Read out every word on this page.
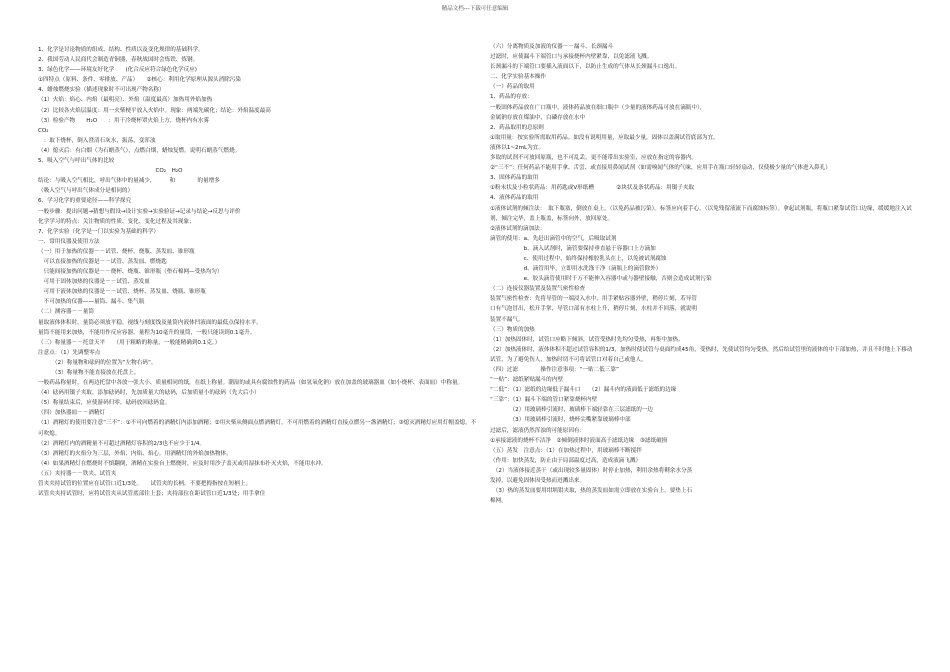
精品文档---下载可任意编辑
1、化学是讨论物质的组成、结构、性质以及变化规律的基础科学。
2、我国劳动人民商代会制造青铜器，春秋战国时会炼铁、炼钢。
3、绿色化学——环境友好化学　　(化合反应符合绿色化学反应)
①四特点（原料、条件、零排放、产品）　　②核心：利用化学原理从源头消除污染
4、蜡烛燃烧实验（描述现象时不可出现产物名称）
（1）火焰：焰心、内焰（最明亮）、外焰（温度最高）加热用外焰加热
（2）比较各火焰层温度：用一火柴梗平放入火焰中。现象：两端先碳化；结论：外焰温度最高
（3）检验产物　　H₂O　　：用干冷烧杯罩火焰上方，烧杯内有水雾
CO₂
　：取下烧杯，倒入澄清石灰水，振荡，变浑浊
（4）熄灭后：有白烟（为石蜡蒸气），点燃白烟，蜡烛复燃。说明石蜡蒸气燃烧。
5、吸入空气与呼出气体的比较
　　　　　　　　　　　　　　　　　　　　　CO₂　H₂O
结论：与吸入空气相比，呼出气体中的量减少，　　　和　　　　的量增多
（吸入空气与呼出气体成分是相同的）
6、学习化学的重要途径——科学探究
一般步骤：提出问题→猜想与假设→设计实验→实验验证→记录与结论→反思与评价
化学学习的特点：关注物质的性质、变化、变化过程及其现象；
7、化学实验（化学是一门以实验为基础的科学）
一、常用仪器及使用方法
（一）用于加热的仪器－－试管、烧杯、烧瓶、蒸发皿、锥形瓶
　可以直接加热的仪器是－－试管、蒸发皿、燃烧匙
　只能间接加热的仪器是－－烧杯、烧瓶、锥形瓶（垫石棉网—受热均匀）
　可用于固体加热的仪器是－－试管、蒸发皿
　可用于液体加热的仪器是－－试管、烧杯、蒸发皿、烧瓶、锥形瓶
　不可加热的仪器——量筒、漏斗、集气瓶
（二）测容器－－量筒
量取液体体积时，量筒必须放平稳。视线与刻度线及量筒内液体凹液面的最低点保持水平。
量筒不能用来加热，不能用作反应容器。量程为10毫升的量筒，一般只能读到0.1毫升。
（三）称量器－－托盘天平　　（用于粗略的称量，一般能精确到0.1克。）
注意点：（1）先调整零点
　　　（2）称量物和砝码的位置为“左物右码”。
　　　（3）称量物不能直接放在托盘上。
一般药品称量时，在两边托盘中各放一张大小、质量相同的纸，在纸上称量。潮湿的或具有腐蚀性的药品（如氢氧化钠）放在加盖的玻璃器皿（如小烧杯、表面皿）中称量。
（4）砝码用镊子夹取。添加砝码时，先加质量大的砝码，后加质量小的砝码（先大后小）
（5）称量结束后，应使游码归零。砝码放回砝码盒。
（四）加热器皿－－酒精灯
（1）酒精灯的使用要注意“三不”：①不可向燃着的酒精灯内添加酒精；②用火柴从侧面点燃酒精灯，不可用燃着的酒精灯直接点燃另一盏酒精灯；③熄灭酒精灯应用灯帽盖熄，不可吹熄。
（2）酒精灯内的酒精量不可超过酒精灯容积的2/3也不应少于1/4。
（3）酒精灯的火焰分为三层，外焰、内焰、焰心。用酒精灯的外焰加热物体。
（4）如果酒精灯在燃烧时不慎翻倒，酒精在实验台上燃烧时，应及时用沙子盖灭或用湿抹布扑灭火焰，不能用水冲。
（五）夹持器－－铁夹、试管夹
管夹夹持试管的位置应在试管口近1/3处。　　试管夹的长柄，不要把拇指按在短柄上。
试管夹夹持试管时，应将试管夹从试管底部往上套；夹持部位在距试管口近1/3处；用手拿住
（六）分离物质及加液的仪器－－漏斗、长颈漏斗
过滤时，应使漏斗下端管口与承接烧杯内壁紧靠，以免滤液飞溅。
长颈漏斗的下端管口要插入液面以下，以防止生成的气体从长颈漏斗口逸出。
二、化学实验基本操作
（一）药品的取用
1、药品的存放：
一般固体药品放在广口瓶中，液体药品放在细口瓶中（少量的液体药品可放在滴瓶中），
金属钠存放在煤油中，白磷存放在水中
2、药品取用的总原则
①取用量：按实验所需取用药品。如没有说明用量，应取最少量，固体以盖满试管底部为宜，
液体以1~2mL为宜。
多取的试剂不可放回原瓶，也不可乱丢，更不能带出实验室，应放在指定的容器内。
②“三不”：任何药品不能用手拿、舌尝、或直接用鼻闻试剂（如需嗅闻气体的气味，应用手在瓶口轻轻扇动，仅使极少量的气体进入鼻孔）
3、固体药品的取用
①粉末状及小粒状药品：用药匙或V形纸槽　　　　②块状及条状药品：用镊子夹取
4、液体药品的取用
①液体试剂的倾注法：　取下瓶塞，倒放在桌上，（以免药品被污染）。标签应向着手心，（以免残留液流下而腐蚀标签）。拿起试剂瓶，将瓶口紧靠试管口边缘，缓缓地注入试剂，倾注完毕，盖上瓶盖，标签向外，放回原处。
②液体试剂的滴加法：
滴管的使用：a、先赶出滴管中的空气，后吸取试剂
　　　　　　b、滴入试剂时，滴管要保持垂直悬于容器口上方滴加
　　　　　　c、使用过程中，始终保持橡胶乳头在上，以免被试剂腐蚀
　　　　　　d、滴管用毕，立即用水洗涤干净（滴瓶上的滴管除外）
　　　　　　e、胶头滴管使用时千万不能伸入容器中或与器壁接触，否则会造成试剂污染
（二）连接仪器装置及装置气密性检查
装置气密性检查：先将导管的一端浸入水中，用手紧贴容器外壁，稍停片刻，若导管
口有气泡冒出，松开手掌，导管口部有水柱上升，稍停片刻，水柱并不回落，就说明
装置不漏气。
（三）物质的加热
（1）加热固体时，试管口应略下倾斜，试管受热时先均匀受热，再集中加热。
（2）加热液体时，液体体积不超过试管容积的1/3，加热时使试管与桌面约成45角，受热时，先使试管均匀受热，然后给试管里的液体的中下部加热，并且不时地上下移动试管，为了避免伤人，加热时切不可将试管口对着自己或他人。
（四）过滤　　　　操作注意事项：“一贴二低三靠”
“一贴”：滤纸紧贴漏斗的内壁
“二低”：（1）滤纸的边缘低于漏斗口　　（2）漏斗内的液面低于滤纸的边缘
“三靠”：（1）漏斗下端的管口紧靠烧杯内壁
　　　　（2）用玻璃棒引流时，玻璃棒下端轻靠在三层滤纸的一边
　　　　（3）用玻璃棒引流时，烧杯尖嘴紧靠玻璃棒中部
过滤后，滤液仍然浑浊的可能原因有：
①承接滤液的烧杯不洁净　②倾倒液体时液面高于滤纸边缘　③滤纸破损
（五）蒸发　注意点：（1）在加热过程中，用玻璃棒不断搅拌
（作用：加快蒸发，防止由于局部温度过高，造成液滴飞溅）
　（2）当液体接近蒸干（或出现较多量固体）时停止加热，利用余热将剩余水分蒸
发掉，以避免固体因受热而迸溅出来。
　（3）热的蒸发皿要用坩埚钳夹取，热的蒸发皿如需立即放在实验台上，要垫上石
棉网。
